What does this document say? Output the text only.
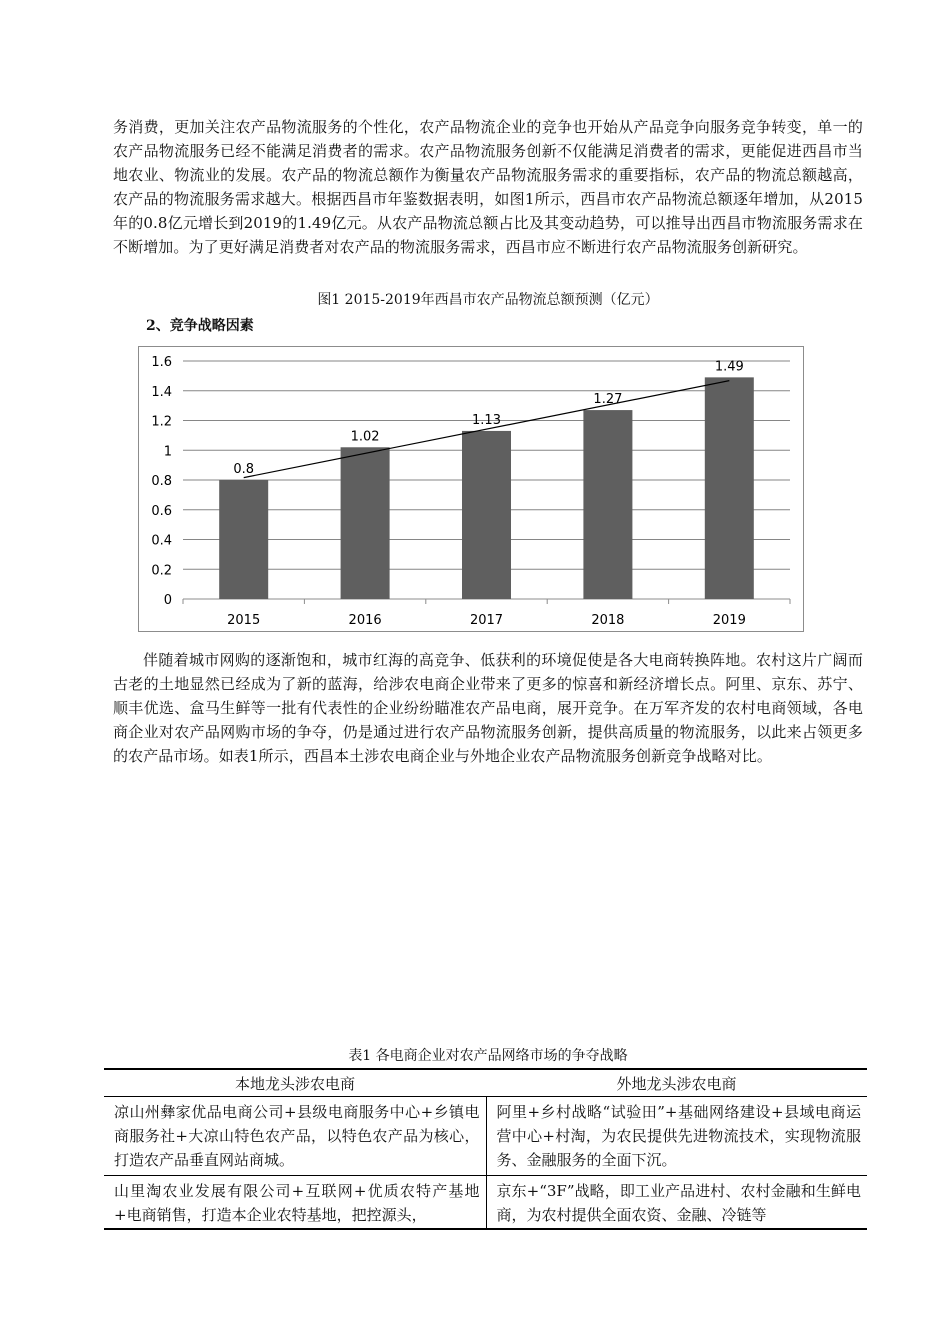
务消费，更加关注农产品物流服务的个性化，农产品物流企业的竞争也开始从产品竞争向服务竞争转变，单一的农产品物流服务已经不能满足消费者的需求。农产品物流服务创新不仅能满足消费者的需求，更能促进西昌市当地农业、物流业的发展。农产品的物流总额作为衡量农产品物流服务需求的重要指标，农产品的物流总额越高，农产品的物流服务需求越大。根据西昌市年鉴数据表明，如图1所示，西昌市农产品物流总额逐年增加，从2015年的0.8亿元增长到2019的1.49亿元。从农产品物流总额占比及其变动趋势，可以推导出西昌市物流服务需求在不断增加。为了更好满足消费者对农产品的物流服务需求，西昌市应不断进行农产品物流服务创新研究。

图1 2015-2019年西昌市农产品物流总额预测（亿元）
2、竞争战略因素
0.8
1.02
1.13
1.27
1.49
0
0.2
0.4
0.6
0.8
1
1.2
1.4
1.6
2015	2016	2017	2018	2019

伴随着城市网购的逐渐饱和，城市红海的高竞争、低获利的环境促使是各大电商转换阵地。农村这片广阔而古老的土地显然已经成为了新的蓝海，给涉农电商企业带来了更多的惊喜和新经济增长点。阿里、京东、苏宁、顺丰优选、盒马生鲜等一批有代表性的企业纷纷瞄准农产品电商，展开竞争。在万军齐发的农村电商领域，各电商企业对农产品网购市场的争夺，仍是通过进行农产品物流服务创新，提供高质量的物流服务，以此来占领更多的农产品市场。如表1所示，西昌本土涉农电商企业与外地企业农产品物流服务创新竞争战略对比。

表1 各电商企业对农产品网络市场的争夺战略
本地龙头涉农电商	外地龙头涉农电商
凉山州彝家优品电商公司+县级电商服务中心+乡镇电商服务社+大凉山特色农产品，以特色农产品为核心，打造农产品垂直网站商城。	阿里+乡村战略“试验田”+基础网络建设+县域电商运营中心+村淘，为农民提供先进物流技术，实现物流服务、金融服务的全面下沉。
山里淘农业发展有限公司+互联网+优质农特产基地+电商销售，打造本企业农特基地，把控源头，	京东+“3F”战略，即工业产品进村、农村金融和生鲜电商，为农村提供全面农资、金融、冷链等
